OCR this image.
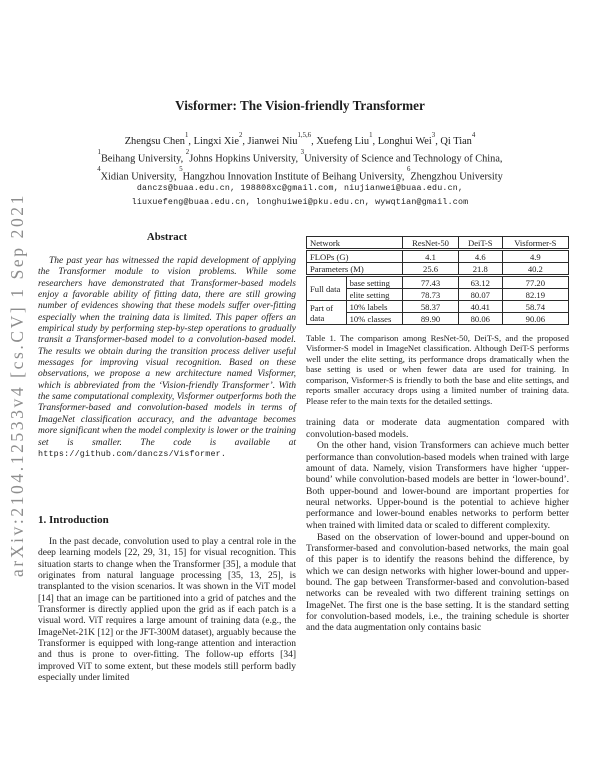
arXiv:2104.12533v4 [cs.CV] 1 Sep 2021
Visformer: The Vision-friendly Transformer
Zhengsu Chen$^1$, Lingxi Xie$^2$, Jianwei Niu$^{1,5,6}$, Xuefeng Liu$^1$, Longhui Wei$^3$, Qi Tian$^4$
$^1$Beihang University, $^2$Johns Hopkins University, $^3$University of Science and Technology of China,
$^4$Xidian University, $^5$Hangzhou Innovation Institute of Beihang University, $^6$Zhengzhou University
danczs@buaa.edu.cn, 198808xc@gmail.com, niujianwei@buaa.edu.cn,
liuxuefeng@buaa.edu.cn, longhuiwei@pku.edu.cn, wywqtian@gmail.com
Abstract
The past year has witnessed the rapid development of applying the Transformer module to vision problems. While some researchers have demonstrated that Transformer-based models enjoy a favorable ability of fitting data, there are still growing number of evidences showing that these models suffer over-fitting especially when the training data is limited. This paper offers an empirical study by performing step-by-step operations to gradually transit a Transformer-based model to a convolution-based model. The results we obtain during the transition process deliver useful messages for improving visual recognition. Based on these observations, we propose a new architecture named Visformer, which is abbreviated from the ‘Vision-friendly Transformer’. With the same computational complexity, Visformer outperforms both the Transformer-based and convolution-based models in terms of ImageNet classification accuracy, and the advantage becomes more significant when the model complexity is lower or the training set is smaller. The code is available at https://github.com/danczs/Visformer.
1. Introduction
In the past decade, convolution used to play a central role in the deep learning models [22, 29, 31, 15] for visual recognition. This situation starts to change when the Transformer [35], a module that originates from natural language processing [35, 13, 25], is transplanted to the vision scenarios. It was shown in the ViT model [14] that an image can be partitioned into a grid of patches and the Transformer is directly applied upon the grid as if each patch is a visual word. ViT requires a large amount of training data (e.g., the ImageNet-21K [12] or the JFT-300M dataset), arguably because the Transformer is equipped with long-range attention and interaction and thus is prone to over-fitting. The follow-up efforts [34] improved ViT to some extent, but these models still perform badly especially under limited
Network		ResNet-50	DeiT-S	Visformer-S
FLOPs (G)		4.1	4.6	4.9
Parameters (M)		25.6	21.8	40.2
Full data	base setting	77.43	63.12	77.20
	elite setting	78.73	80.07	82.19
Part of data	10% labels	58.37	40.41	58.74
	10% classes	89.90	80.06	90.06
Table 1. The comparison among ResNet-50, DeiT-S, and the proposed Visformer-S model in ImageNet classification. Although DeiT-S performs well under the elite setting, its performance drops dramatically when the base setting is used or when fewer data are used for training. In comparison, Visformer-S is friendly to both the base and elite settings, and reports smaller accuracy drops using a limited number of training data. Please refer to the main texts for the detailed settings.
training data or moderate data augmentation compared with convolution-based models.
On the other hand, vision Transformers can achieve much better performance than convolution-based models when trained with large amount of data. Namely, vision Transformers have higher ‘upper-bound’ while convolution-based models are better in ‘lower-bound’. Both upper-bound and lower-bound are important properties for neural networks. Upper-bound is the potential to achieve higher performance and lower-bound enables networks to perform better when trained with limited data or scaled to different complexity.
Based on the observation of lower-bound and upper-bound on Transformer-based and convolution-based networks, the main goal of this paper is to identify the reasons behind the difference, by which we can design networks with higher lower-bound and upper-bound. The gap between Transformer-based and convolution-based networks can be revealed with two different training settings on ImageNet. The first one is the base setting. It is the standard setting for convolution-based models, i.e., the training schedule is shorter and the data augmentation only contains basic
